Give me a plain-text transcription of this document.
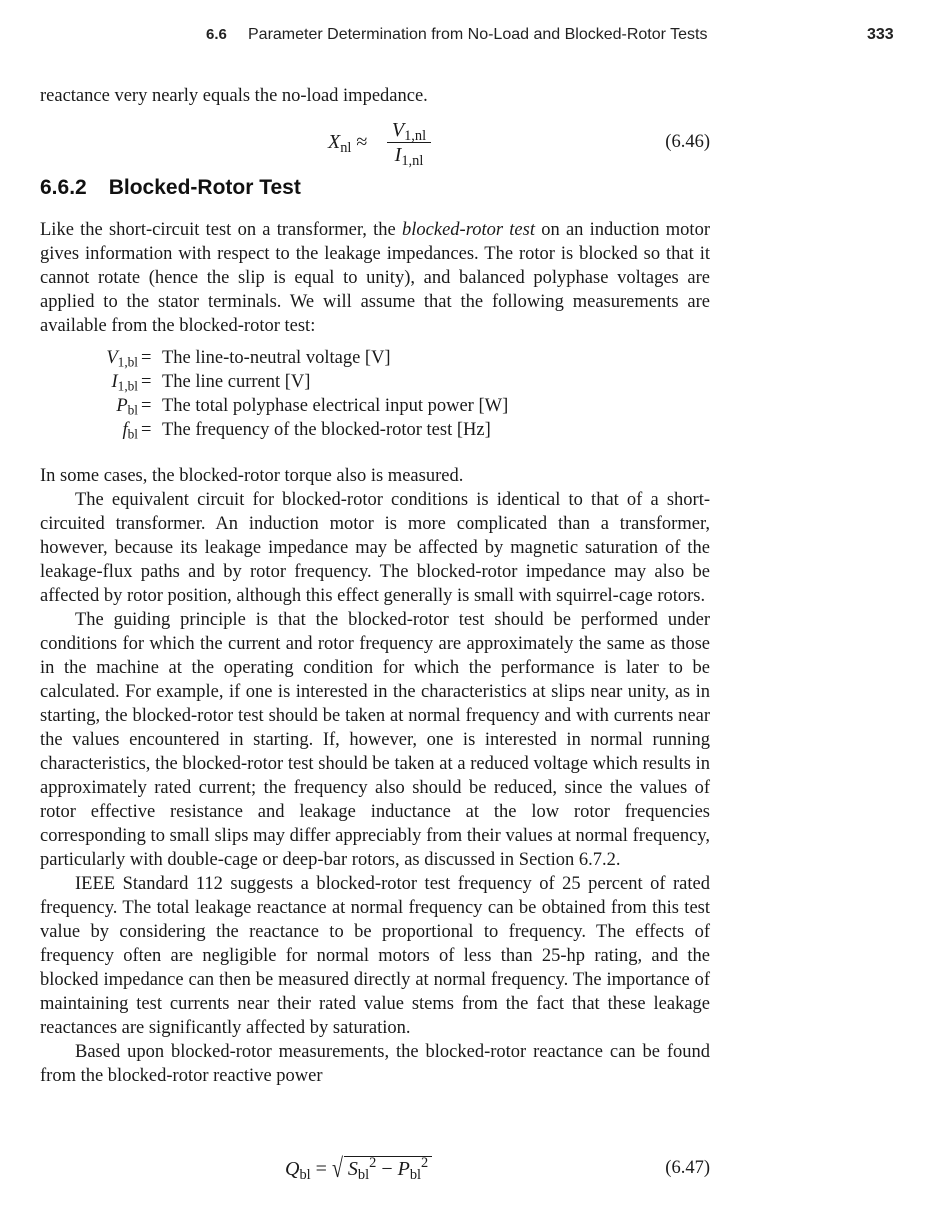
6.6 Parameter Determination from No-Load and Blocked-Rotor Tests	333
reactance very nearly equals the no-load impedance.
$X_{nl}$ ≈
$V_{1,nl}$
$I_{1,nl}$
(6.46)
6.6.2 Blocked-Rotor Test
Like the short-circuit test on a transformer, the blocked-rotor test on an induction motor gives information with respect to the leakage impedances. The rotor is blocked so that it cannot rotate (hence the slip is equal to unity), and balanced polyphase voltages are applied to the stator terminals. We will assume that the following measurements are available from the blocked-rotor test:
$V_{1,bl}$ = The line-to-neutral voltage [V]
$I_{1,bl}$ = The line current [V]
$P_{bl}$ = The total polyphase electrical input power [W]
$f_{bl}$ = The frequency of the blocked-rotor test [Hz]

In some cases, the blocked-rotor torque also is measured.

The equivalent circuit for blocked-rotor conditions is identical to that of a short-circuited transformer. An induction motor is more complicated than a transformer, however, because its leakage impedance may be affected by magnetic saturation of the leakage-flux paths and by rotor frequency. The blocked-rotor impedance may also be affected by rotor position, although this effect generally is small with squirrel-cage rotors.

The guiding principle is that the blocked-rotor test should be performed under conditions for which the current and rotor frequency are approximately the same as those in the machine at the operating condition for which the performance is later to be calculated. For example, if one is interested in the characteristics at slips near unity, as in starting, the blocked-rotor test should be taken at normal frequency and with currents near the values encountered in starting. If, however, one is interested in normal running characteristics, the blocked-rotor test should be taken at a reduced voltage which results in approximately rated current; the frequency also should be reduced, since the values of rotor effective resistance and leakage inductance at the low rotor frequencies corresponding to small slips may differ appreciably from their values at normal frequency, particularly with double-cage or deep-bar rotors, as discussed in Section 6.7.2.

IEEE Standard 112 suggests a blocked-rotor test frequency of 25 percent of rated frequency. The total leakage reactance at normal frequency can be obtained from this test value by considering the reactance to be proportional to frequency. The effects of frequency often are negligible for normal motors of less than 25-hp rating, and the blocked impedance can then be measured directly at normal frequency. The importance of maintaining test currents near their rated value stems from the fact that these leakage reactances are significantly affected by saturation.

Based upon blocked-rotor measurements, the blocked-rotor reactance can be found from the blocked-rotor reactive power

$Q_{bl}$ = √ $S_{bl}^2 - P_{bl}^2$	(6.47)
